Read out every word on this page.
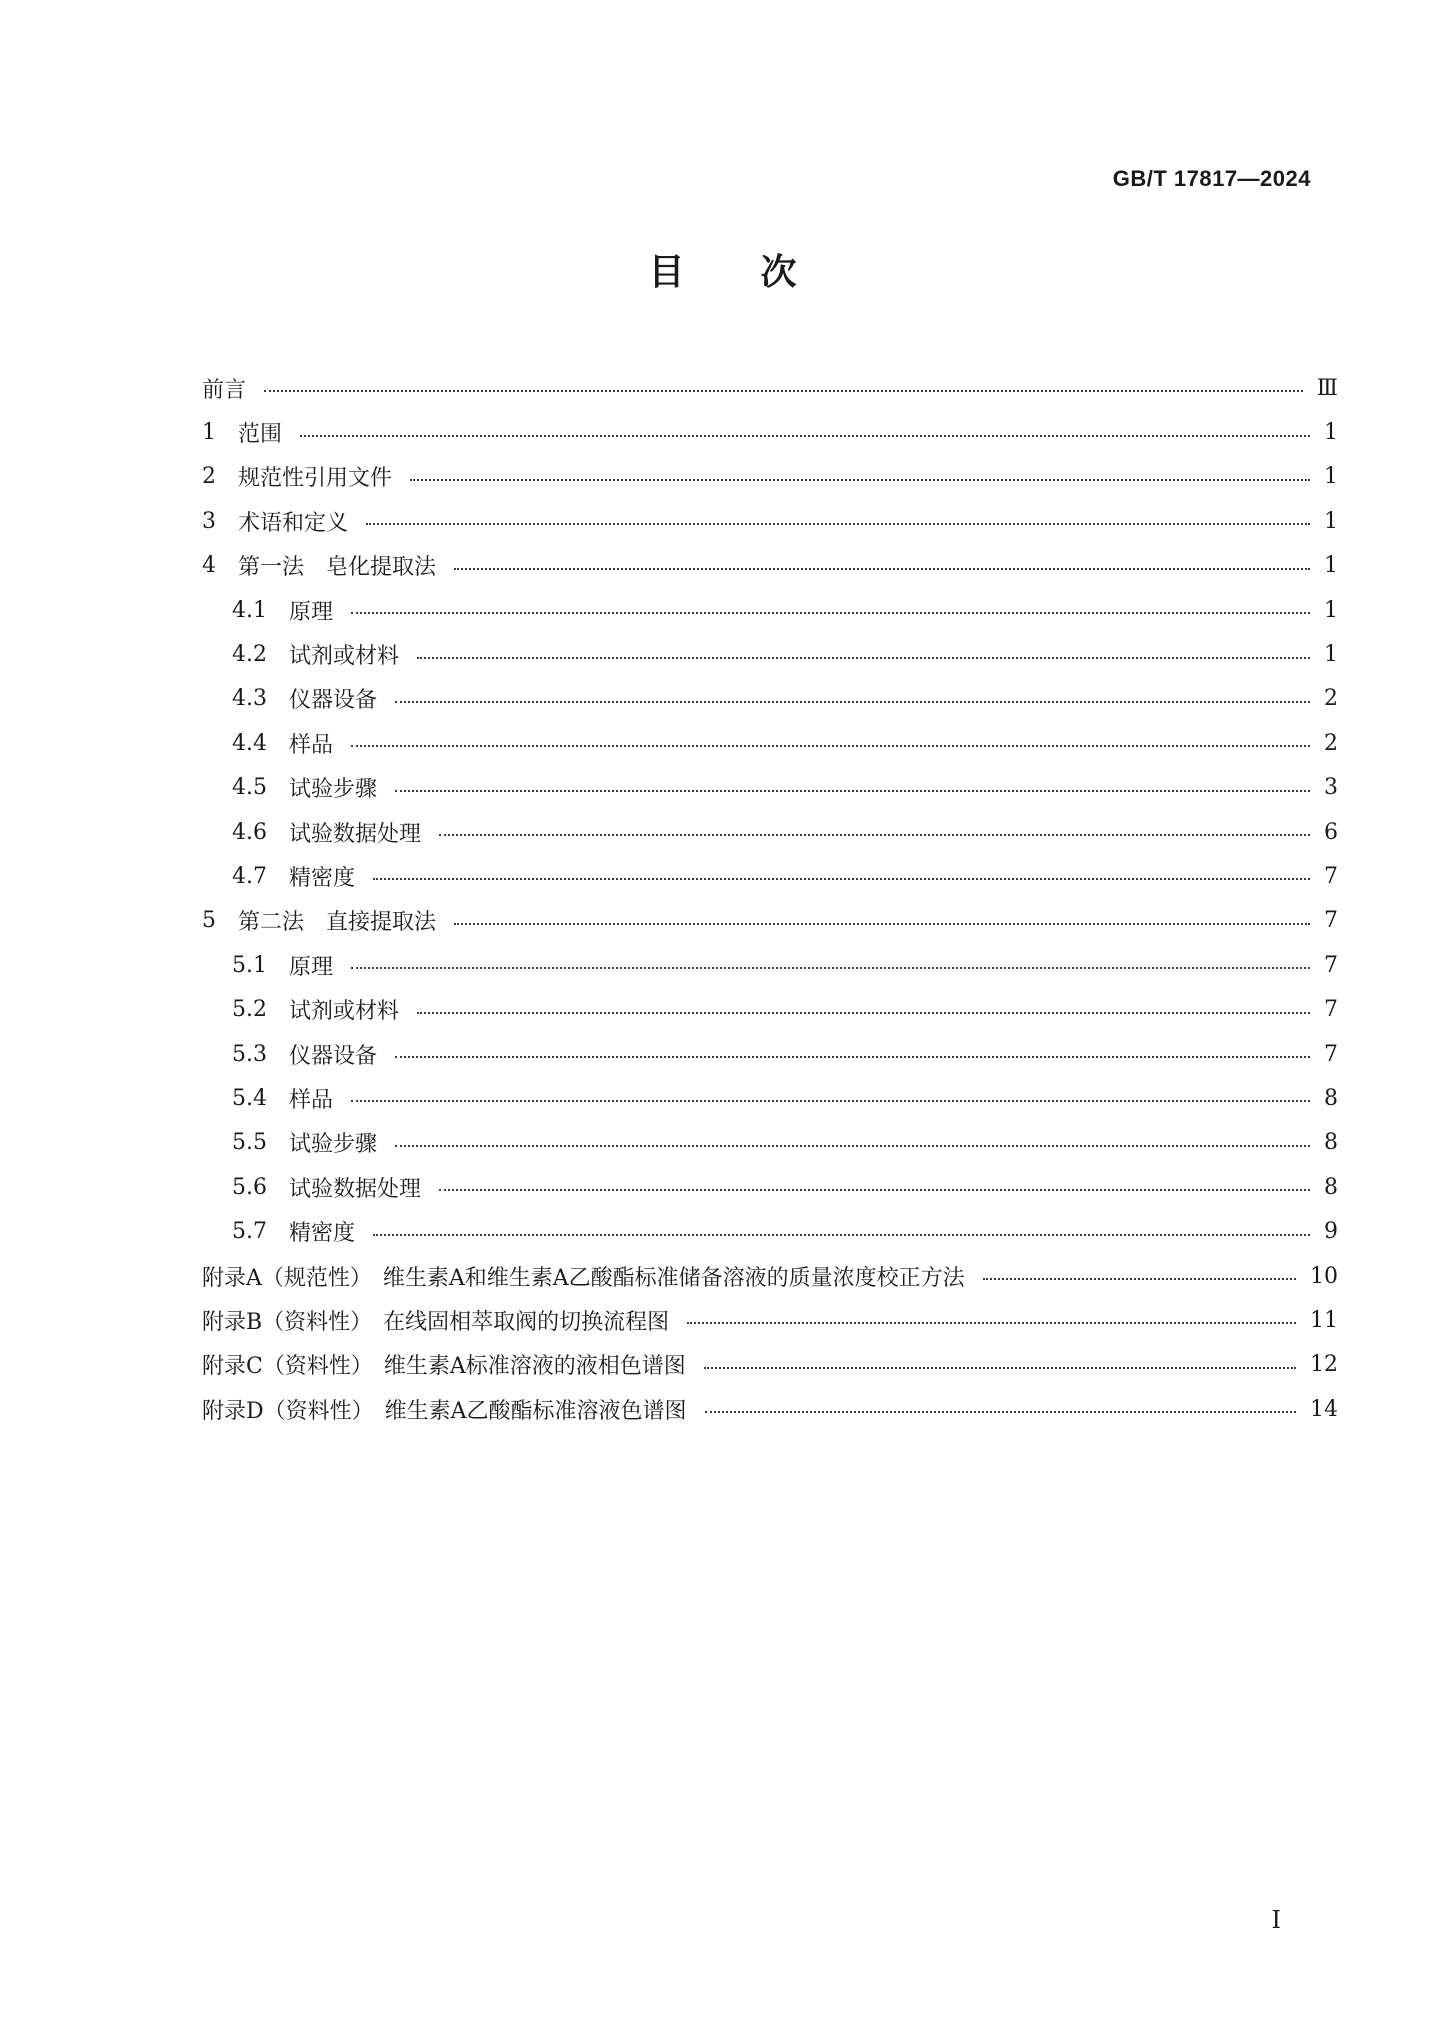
GB/T 17817—2024
目次
前言	Ⅲ
1 范围	1
2 规范性引用文件	1
3 术语和定义	1
4 第一法　皂化提取法	1
4.1 原理	1
4.2 试剂或材料	1
4.3 仪器设备	2
4.4 样品	2
4.5 试验步骤	3
4.6 试验数据处理	6
4.7 精密度	7
5 第二法　直接提取法	7
5.1 原理	7
5.2 试剂或材料	7
5.3 仪器设备	7
5.4 样品	8
5.5 试验步骤	8
5.6 试验数据处理	8
5.7 精密度	9
附录A（规范性）　维生素A和维生素A乙酸酯标准储备溶液的质量浓度校正方法	10
附录B（资料性）　在线固相萃取阀的切换流程图	11
附录C（资料性）　维生素A标准溶液的液相色谱图	12
附录D（资料性）　维生素A乙酸酯标准溶液色谱图	14
I
